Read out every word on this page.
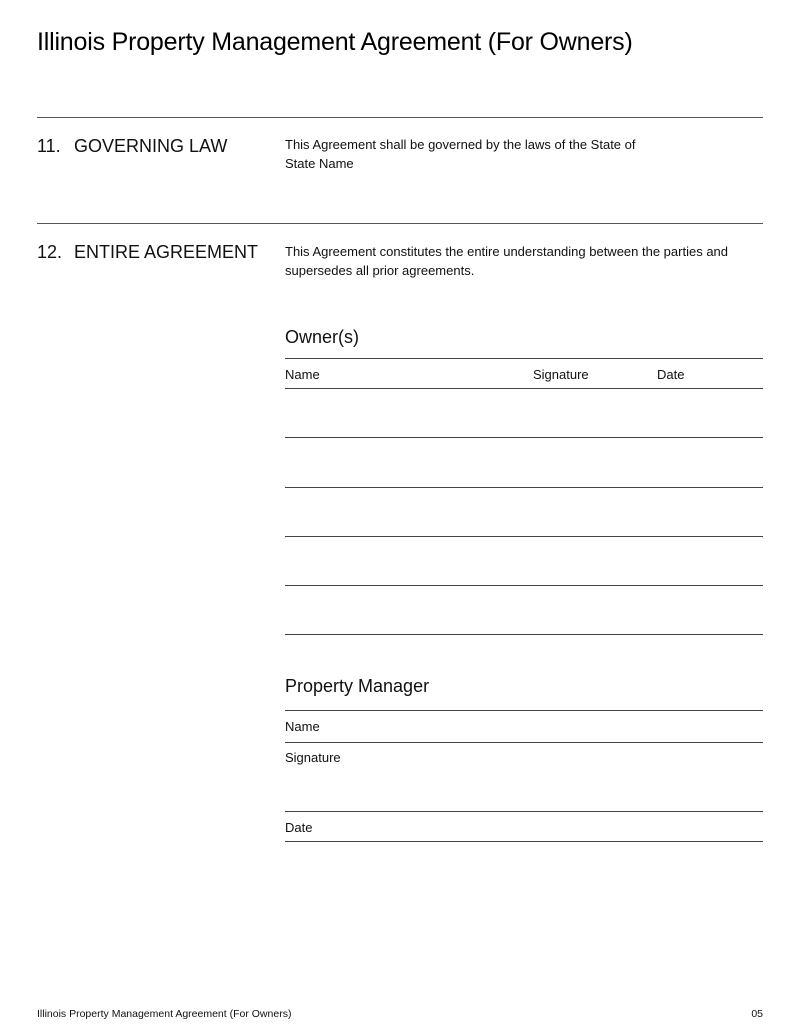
Illinois Property Management Agreement (For Owners)
11. GOVERNING LAW	This Agreement shall be governed by the laws of the State of
State Name
12. ENTIRE AGREEMENT This Agreement constitutes the entire understanding between the parties and
supersedes all prior agreements.
Owner(s)
Name	Signature	Date
Property Manager
Name
Signature
Date
Illinois Property Management Agreement (For Owners)	05
